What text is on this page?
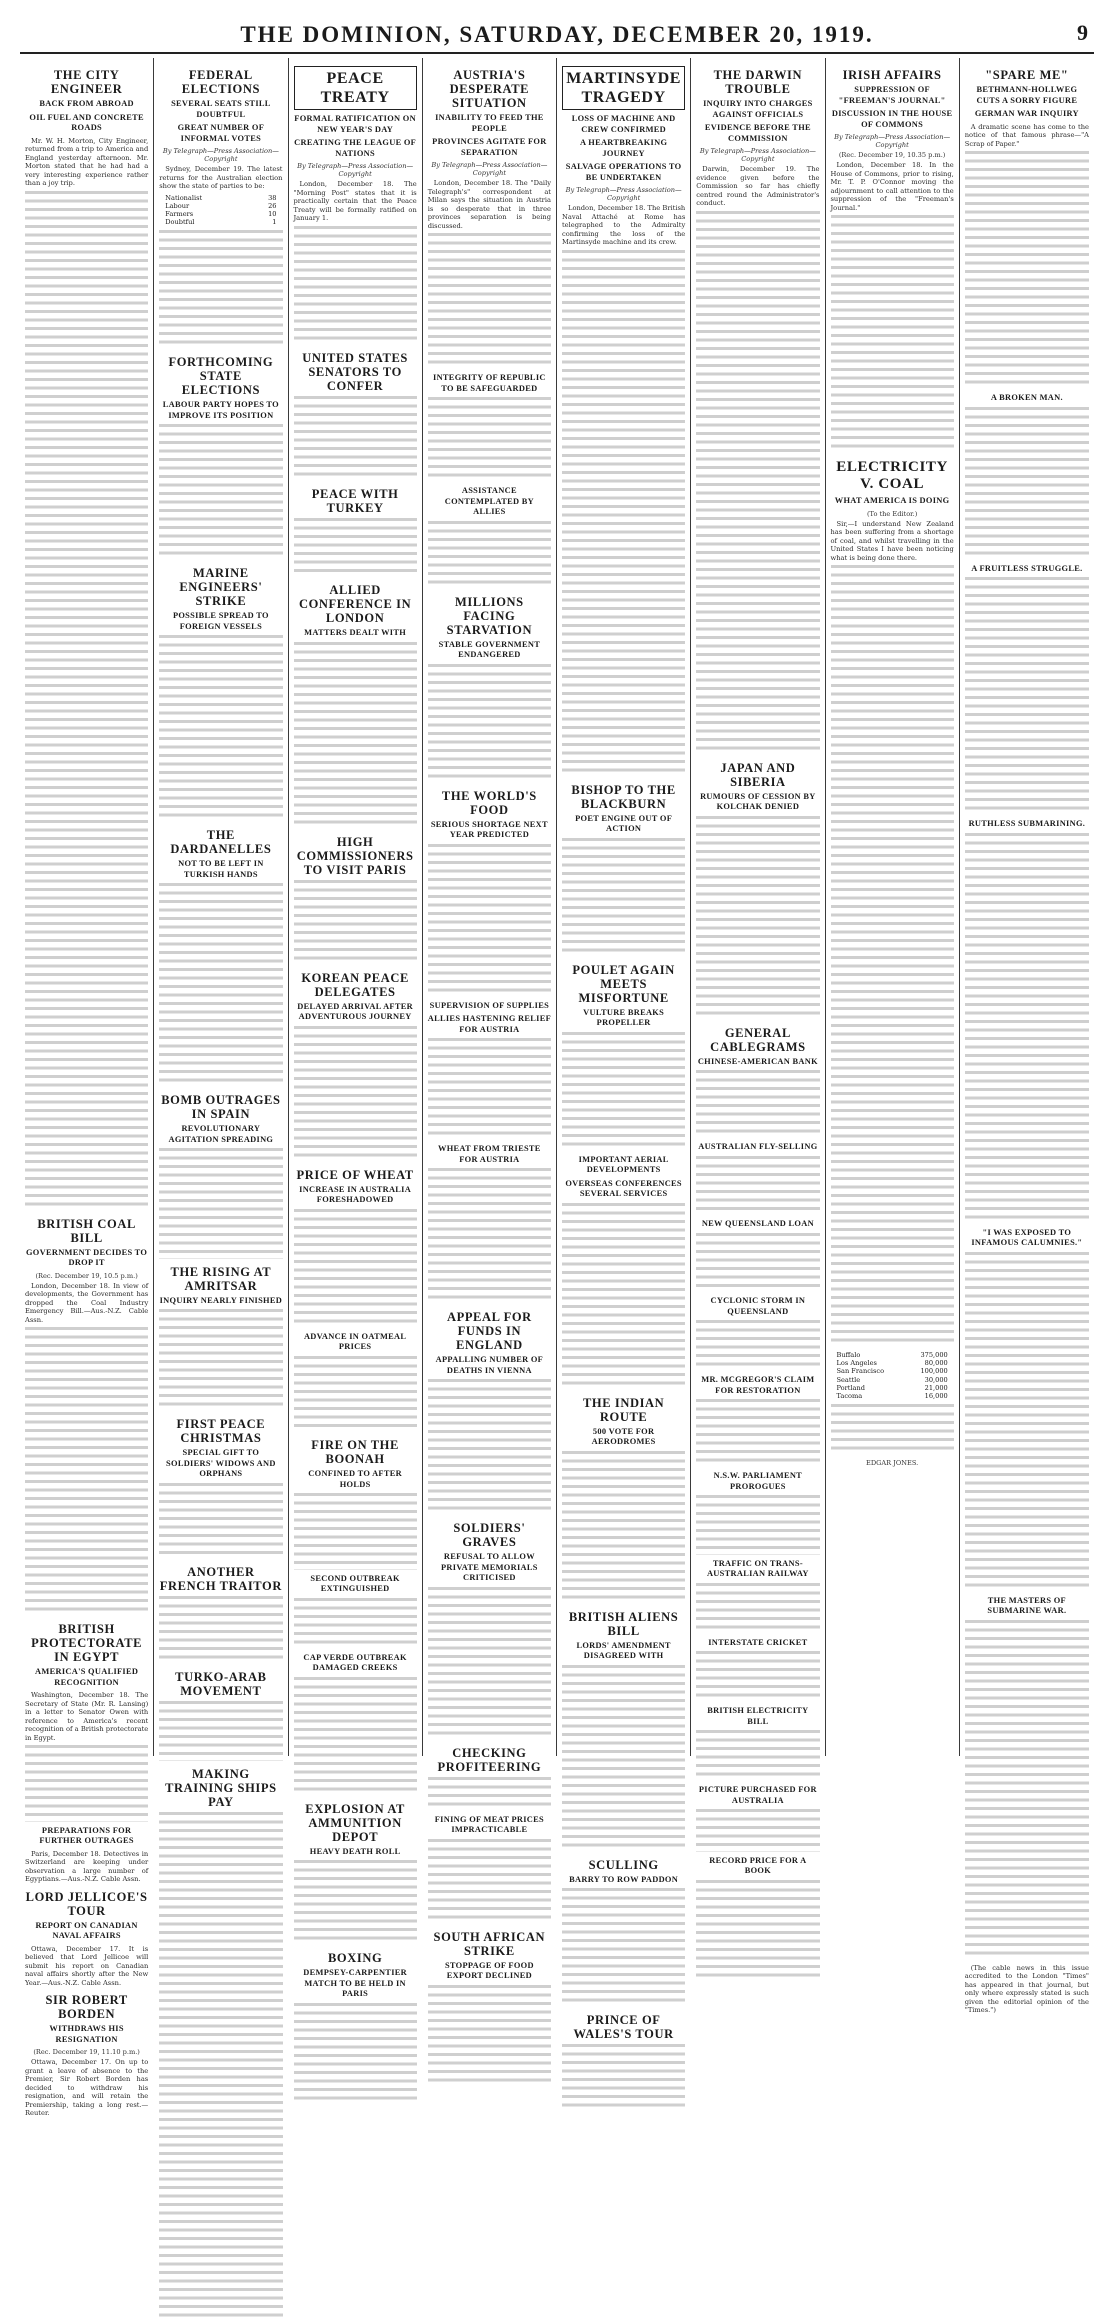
THE DOMINION, SATURDAY, DECEMBER 20, 1919.	9
THE CITY ENGINEER
BACK FROM ABROAD
OIL FUEL AND CONCRETE ROADS

Mr. W. H. Morton, City Engineer, returned from a trip to America and England yesterday afternoon. Mr. Morton stated that he had had a very interesting experience rather than a joy trip.

BRITISH COAL BILL
GOVERNMENT DECIDES TO DROP IT
(Rec. December 19, 10.5 p.m.)

London, December 18. In view of developments, the Government has dropped the Coal Industry Emergency Bill.—Aus.-N.Z. Cable Assn.

BRITISH PROTECTORATE IN EGYPT
AMERICA'S QUALIFIED RECOGNITION

Washington, December 18. The Secretary of State (Mr. R. Lansing) in a letter to Senator Owen with reference to America's recent recognition of a British protectorate in Egypt.

PREPARATIONS FOR FURTHER OUTRAGES

Paris, December 18. Detectives in Switzerland are keeping under observation a large number of Egyptians.—Aus.-N.Z. Cable Assn.

LORD JELLICOE'S TOUR
REPORT ON CANADIAN NAVAL AFFAIRS

Ottawa, December 17. It is believed that Lord Jellicoe will submit his report on Canadian naval affairs shortly after the New Year.—Aus.-N.Z. Cable Assn.

SIR ROBERT BORDEN
WITHDRAWS HIS RESIGNATION
(Rec. December 19, 11.10 p.m.)

Ottawa, December 17. On up to grant a leave of absence to the Premier, Sir Robert Borden has decided to withdraw his resignation, and will retain the Premiership, taking a long rest.—Reuter.

FEDERAL ELECTIONS
SEVERAL SEATS STILL DOUBTFUL
GREAT NUMBER OF INFORMAL VOTES
By Telegraph—Press Association—Copyright

Sydney, December 19. The latest returns for the Australian election show the state of parties to be:

Nationalist	38
Labour	26
Farmers	10
Doubtful	1
FORTHCOMING STATE ELECTIONS
LABOUR PARTY HOPES TO IMPROVE ITS POSITION
MARINE ENGINEERS' STRIKE
POSSIBLE SPREAD TO FOREIGN VESSELS
THE DARDANELLES
NOT TO BE LEFT IN TURKISH HANDS
BOMB OUTRAGES IN SPAIN
REVOLUTIONARY AGITATION SPREADING
THE RISING AT AMRITSAR
INQUIRY NEARLY FINISHED
FIRST PEACE CHRISTMAS
SPECIAL GIFT TO SOLDIERS' WIDOWS AND ORPHANS
ANOTHER FRENCH TRAITOR
TURKO-ARAB MOVEMENT
MAKING TRAINING SHIPS PAY
PEACE TREATY
FORMAL RATIFICATION ON NEW YEAR'S DAY
CREATING THE LEAGUE OF NATIONS
By Telegraph—Press Association—Copyright

London, December 18. The "Morning Post" states that it is practically certain that the Peace Treaty will be formally ratified on January 1.

UNITED STATES SENATORS TO CONFER
PEACE WITH TURKEY
ALLIED CONFERENCE IN LONDON
MATTERS DEALT WITH
HIGH COMMISSIONERS TO VISIT PARIS
KOREAN PEACE DELEGATES
DELAYED ARRIVAL AFTER ADVENTUROUS JOURNEY
PRICE OF WHEAT
INCREASE IN AUSTRALIA FORESHADOWED
ADVANCE IN OATMEAL PRICES
FIRE ON THE BOONAH
CONFINED TO AFTER HOLDS
SECOND OUTBREAK EXTINGUISHED
CAP VERDE OUTBREAK DAMAGED CREEKS
EXPLOSION AT AMMUNITION DEPOT
HEAVY DEATH ROLL
BOXING
DEMPSEY-CARPENTIER MATCH TO BE HELD IN PARIS
AUSTRIA'S DESPERATE SITUATION
INABILITY TO FEED THE PEOPLE
PROVINCES AGITATE FOR SEPARATION
By Telegraph—Press Association—Copyright

London, December 18. The "Daily Telegraph's" correspondent at Milan says the situation in Austria is so desperate that in three provinces separation is being discussed.

INTEGRITY OF REPUBLIC TO BE SAFEGUARDED
ASSISTANCE CONTEMPLATED BY ALLIES
MILLIONS FACING STARVATION
STABLE GOVERNMENT ENDANGERED
THE WORLD'S FOOD
SERIOUS SHORTAGE NEXT YEAR PREDICTED
SUPERVISION OF SUPPLIES
ALLIES HASTENING RELIEF FOR AUSTRIA
WHEAT FROM TRIESTE FOR AUSTRIA
APPEAL FOR FUNDS IN ENGLAND
APPALLING NUMBER OF DEATHS IN VIENNA
SOLDIERS' GRAVES
REFUSAL TO ALLOW PRIVATE MEMORIALS CRITICISED
CHECKING PROFITEERING
FINING OF MEAT PRICES IMPRACTICABLE
SOUTH AFRICAN STRIKE
STOPPAGE OF FOOD EXPORT DECLINED
MARTINSYDE TRAGEDY
LOSS OF MACHINE AND CREW CONFIRMED
A HEARTBREAKING JOURNEY
SALVAGE OPERATIONS TO BE UNDERTAKEN
By Telegraph—Press Association—Copyright

London, December 18. The British Naval Attaché at Rome has telegraphed to the Admiralty confirming the loss of the Martinsyde machine and its crew.

BISHOP TO THE BLACKBURN
POET ENGINE OUT OF ACTION
POULET AGAIN MEETS MISFORTUNE
VULTURE BREAKS PROPELLER
IMPORTANT AERIAL DEVELOPMENTS
OVERSEAS CONFERENCES SEVERAL SERVICES
THE INDIAN ROUTE
500 VOTE FOR AERODROMES
BRITISH ALIENS BILL
LORDS' AMENDMENT DISAGREED WITH
SCULLING
BARRY TO ROW PADDON
PRINCE OF WALES'S TOUR
THE DARWIN TROUBLE
INQUIRY INTO CHARGES AGAINST OFFICIALS
EVIDENCE BEFORE THE COMMISSION
By Telegraph—Press Association—Copyright

Darwin, December 19. The evidence given before the Commission so far has chiefly centred round the Administrator's conduct.

JAPAN AND SIBERIA
RUMOURS OF CESSION BY KOLCHAK DENIED
GENERAL CABLEGRAMS
CHINESE-AMERICAN BANK
AUSTRALIAN FLY-SELLING
NEW QUEENSLAND LOAN
CYCLONIC STORM IN QUEENSLAND
MR. MCGREGOR'S CLAIM FOR RESTORATION
N.S.W. PARLIAMENT PROROGUES
TRAFFIC ON TRANS-AUSTRALIAN RAILWAY
INTERSTATE CRICKET
BRITISH ELECTRICITY BILL
PICTURE PURCHASED FOR AUSTRALIA
RECORD PRICE FOR A BOOK
IRISH AFFAIRS
SUPPRESSION OF "FREEMAN'S JOURNAL"
DISCUSSION IN THE HOUSE OF COMMONS
By Telegraph—Press Association—Copyright
(Rec. December 19, 10.35 p.m.)

London, December 18. In the House of Commons, prior to rising, Mr. T. P. O'Connor moving the adjournment to call attention to the suppression of the "Freeman's Journal."

ELECTRICITY V. COAL
WHAT AMERICA IS DOING
(To the Editor.)

Sir,—I understand New Zealand has been suffering from a shortage of coal, and whilst travelling in the United States I have been noticing what is being done there.

Buffalo	375,000
Los Angeles	80,000
San Francisco	100,000
Seattle	30,000
Portland	21,000
Tacoma	16,000
EDGAR JONES.
"SPARE ME"
BETHMANN-HOLLWEG CUTS A SORRY FIGURE
GERMAN WAR INQUIRY

A dramatic scene has come to the notice of that famous phrase—"A Scrap of Paper."

A BROKEN MAN.
A FRUITLESS STRUGGLE.
RUTHLESS SUBMARINING.
"I WAS EXPOSED TO INFAMOUS CALUMNIES."
THE MASTERS OF SUBMARINE WAR.

(The cable news in this issue accredited to the London "Times" has appeared in that journal, but only where expressly stated is such given the editorial opinion of the "Times.")
